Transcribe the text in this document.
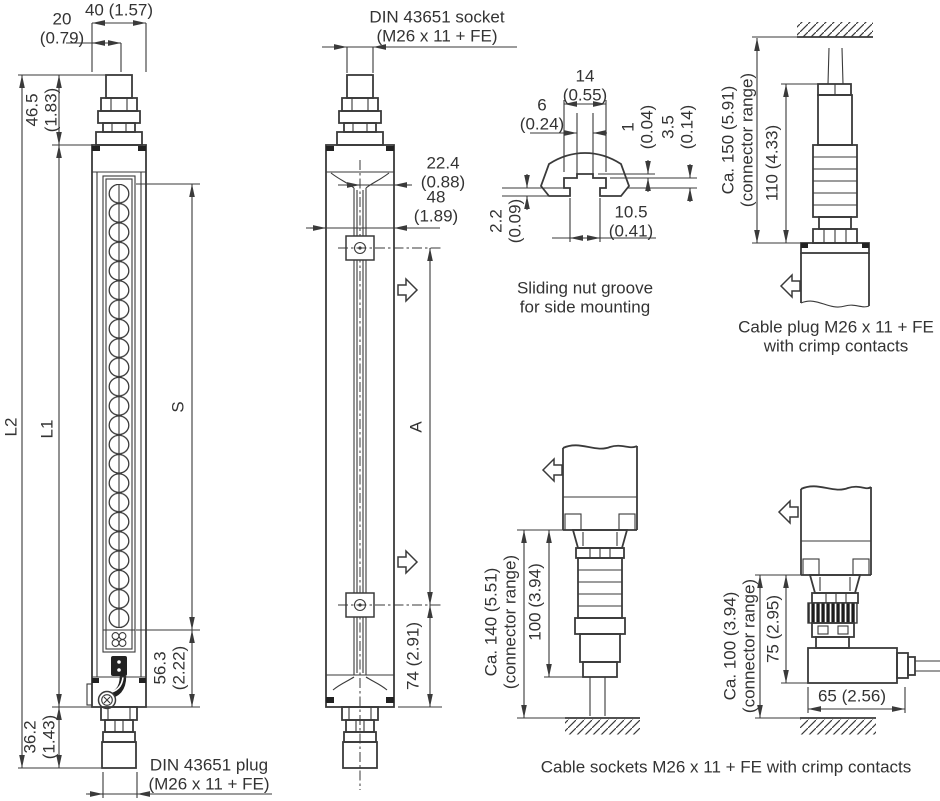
40 (1.57)
20
(0.79)
46.5 (1.83)
L2 L1
S
56.3 (2.22)
36.2 (1.43)
DIN 43651 plug
(M26 x 11 + FE)
DIN 43651 socket
(M26 x 11 + FE)
22.4
(0.88)
48
(1.89)
A
74 (2.91)
14
(0.55)
6
(0.24)	1 (0.04) 3.5 (0.14)
2.2 (0.09)	10.5
(0.41)
Sliding nut groove
for side mounting
Ca. 150 (5.91) (connector range) 110 (4.33)
Cable plug M26 x 11 + FE
with crimp contacts
Ca. 140 (5.51) (connector range) 100 (3.94)	Ca. 100 (3.94) (connector range) 75 (2.95)
65 (2.56)
Cable sockets M26 x 11 + FE with crimp contacts
